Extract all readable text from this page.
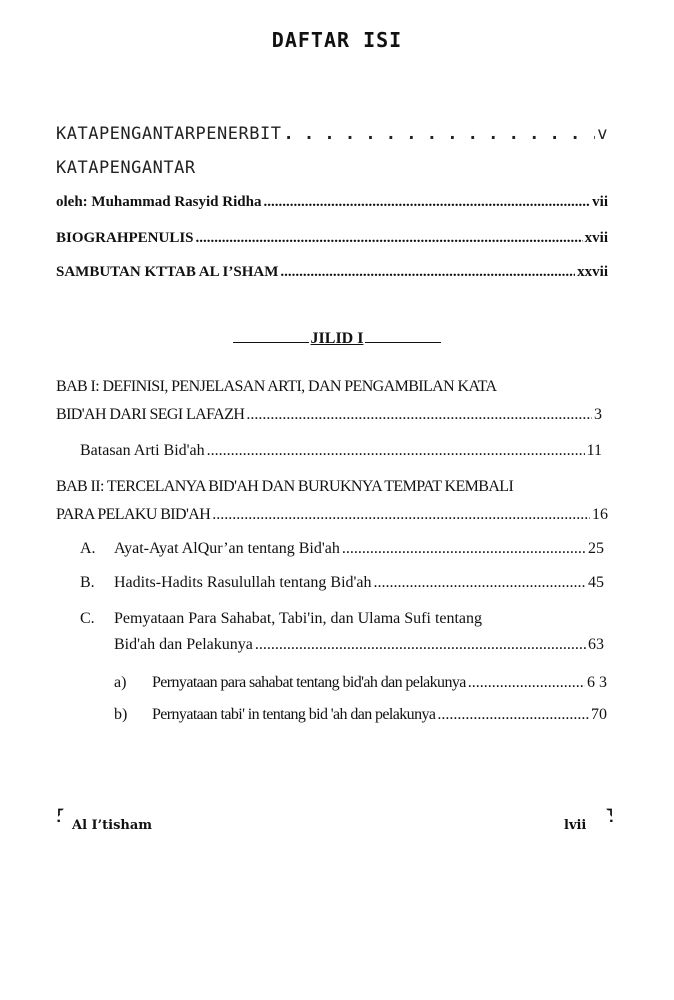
DAFTAR ISI
KATAPENGANTARPENERBIT . . .	v
KATAPENGANTAR
oleh: Muhammad Rasyid Ridha .....	vii
BIOGRAHPENULIS .....	xvii
SAMBUTAN KTTAB AL I’SHAM .....	xxvii
JILID I
BAB I: DEFINISI, PENJELASAN ARTI, DAN PENGAMBILAN KATA
BID'AH DARI SEGI LAFAZH .....	3
Batasan Arti Bid'ah .....	11
BAB II: TERCELANYA BID'AH DAN BURUKNYA TEMPAT KEMBALI
PARA PELAKU BID'AH .....	16
A. Ayat-Ayat AlQur’an tentang Bid'ah .....	25
B. Hadits-Hadits Rasulullah tentang Bid'ah .....	45
C. Pemyataan Para Sahabat, Tabi'in, dan Ulama Sufi tentang
Bid'ah dan Pelakunya .....	63
a) Pernyataan para sahabat tentang bid'ah dan pelakunya .....	6 3
b) Pernyataan tabi' in tentang bid 'ah dan pelakunya .....	70
Al I’tisham	lvii
